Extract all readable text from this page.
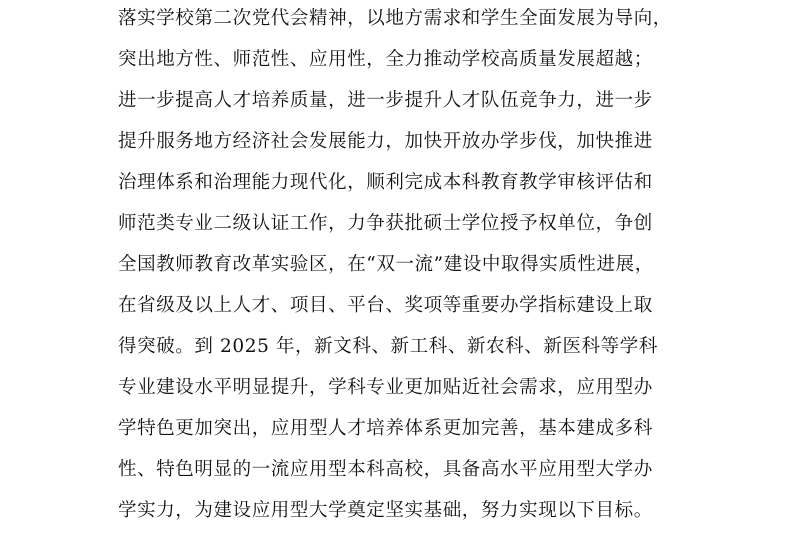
落实学校第二次党代会精神，以地方需求和学生全面发展为导向，
突出地方性、师范性、应用性，全力推动学校高质量发展超越；
进一步提高人才培养质量，进一步提升人才队伍竞争力，进一步
提升服务地方经济社会发展能力，加快开放办学步伐，加快推进
治理体系和治理能力现代化，顺利完成本科教育教学审核评估和
师范类专业二级认证工作，力争获批硕士学位授予权单位，争创
全国教师教育改革实验区，在“双一流”建设中取得实质性进展，
在省级及以上人才、项目、平台、奖项等重要办学指标建设上取
得突破。到 2025 年，新文科、新工科、新农科、新医科等学科
专业建设水平明显提升，学科专业更加贴近社会需求，应用型办
学特色更加突出，应用型人才培养体系更加完善，基本建成多科
性、特色明显的一流应用型本科高校，具备高水平应用型大学办
学实力，为建设应用型大学奠定坚实基础，努力实现以下目标。
